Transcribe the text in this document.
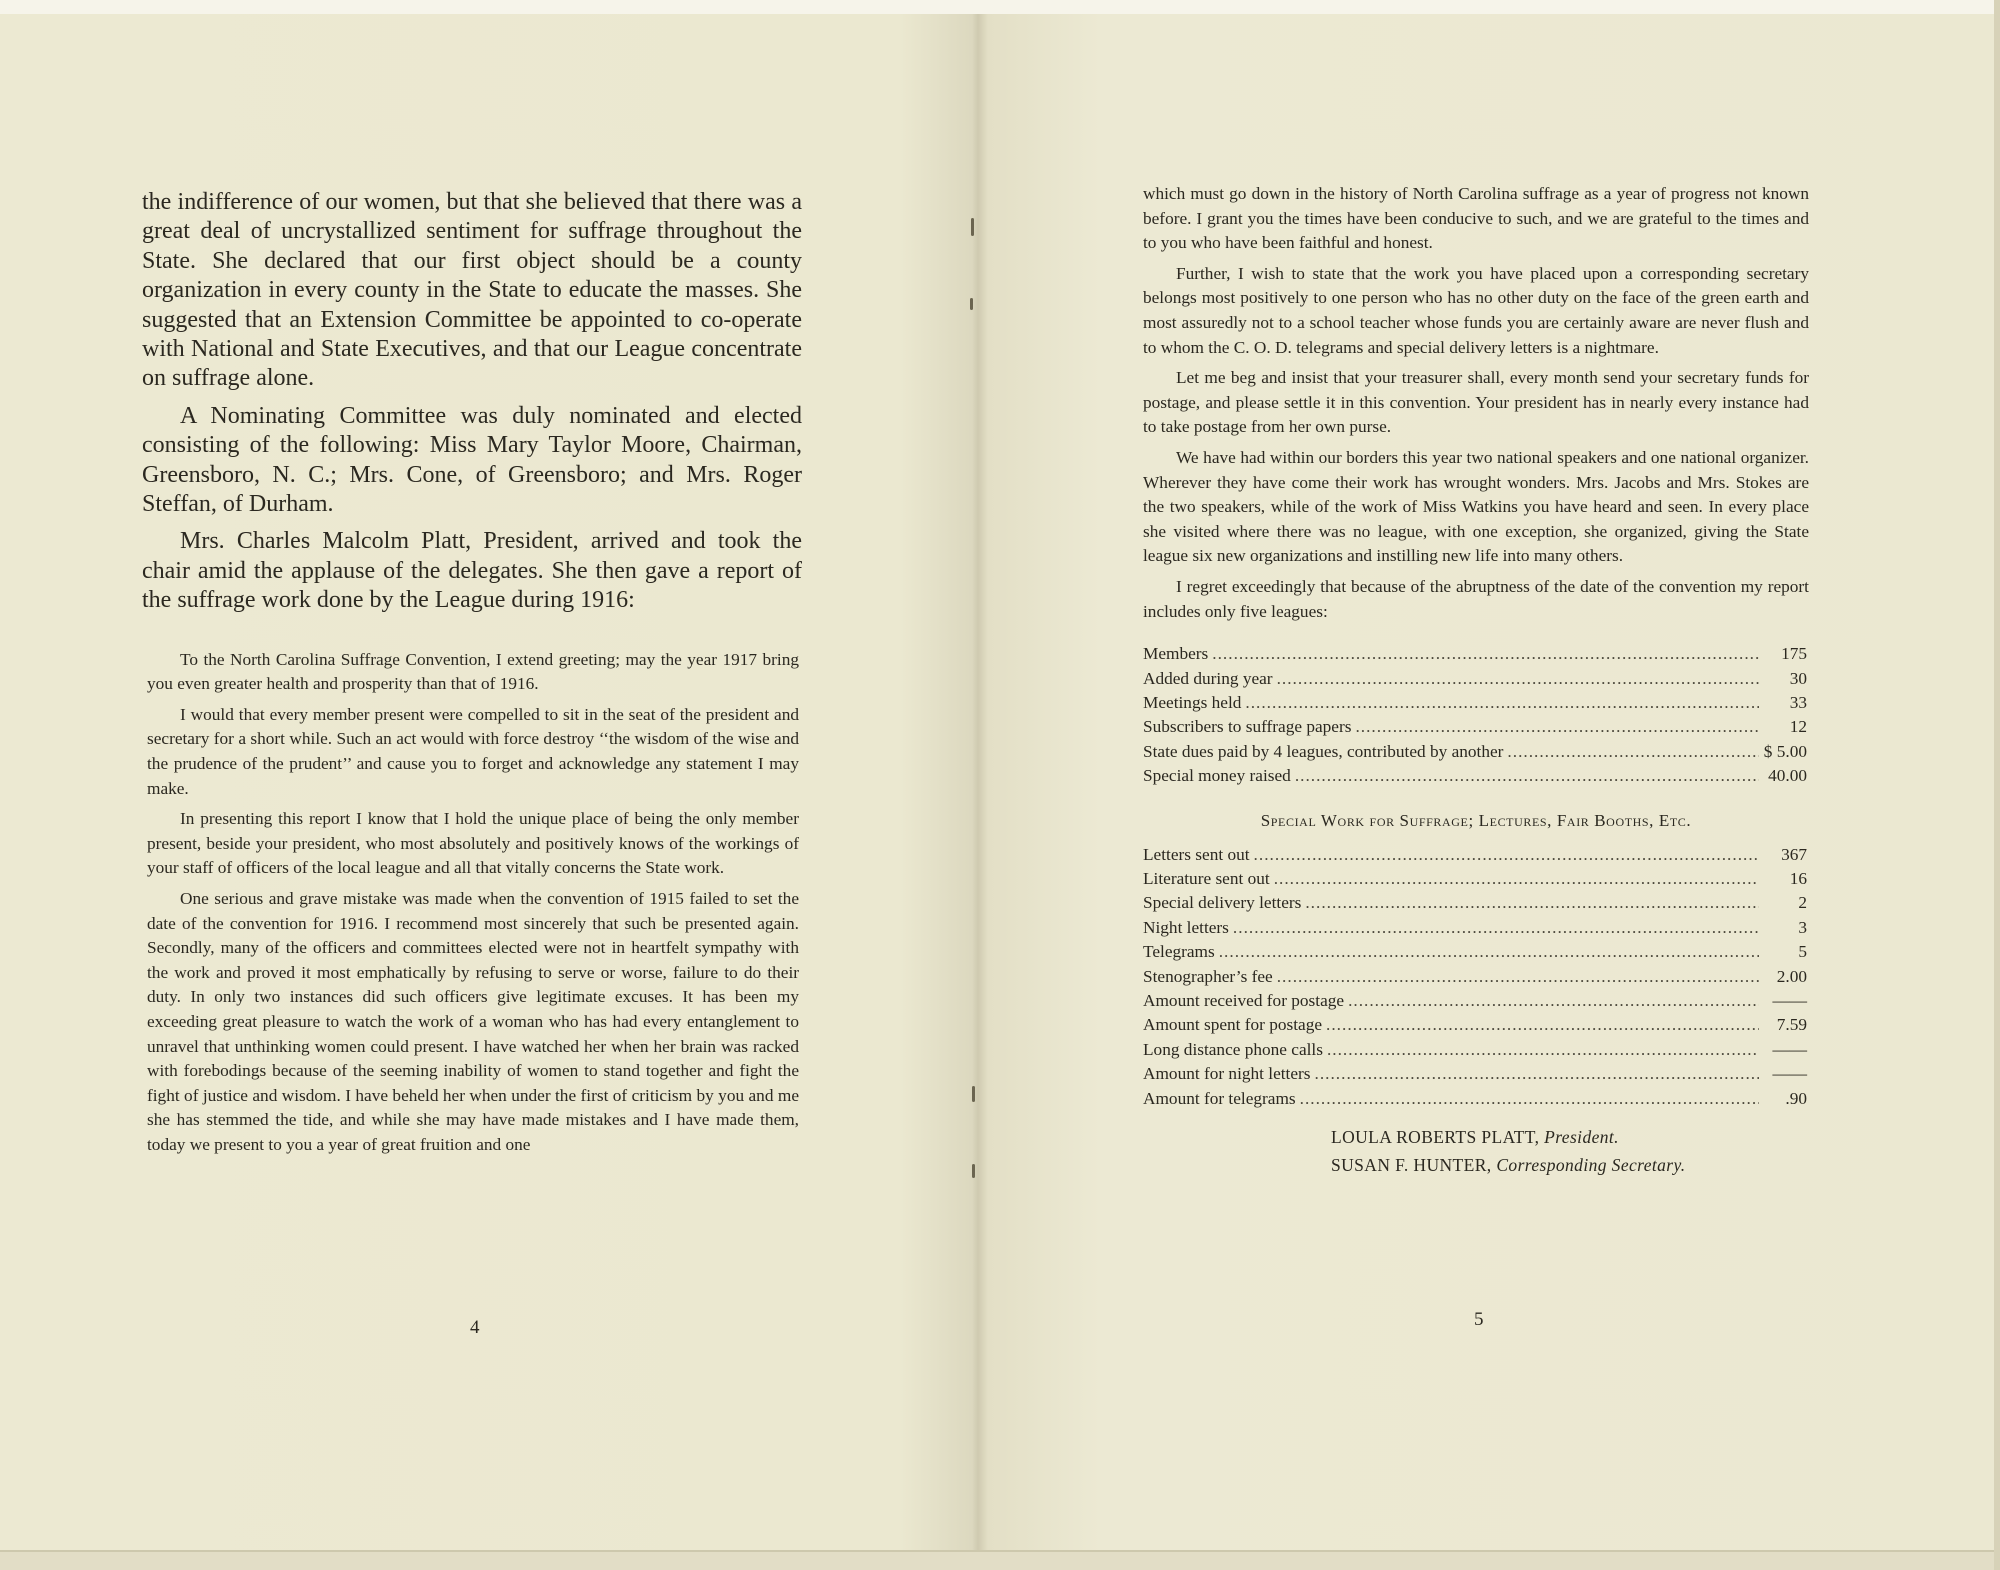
the indifference of our women, but that she believed that there was a great deal of uncrystallized sentiment for suffrage throughout the State. She declared that our first object should be a county organization in every county in the State to educate the masses. She suggested that an Extension Committee be appointed to co-operate with National and State Executives, and that our League concentrate on suffrage alone.

A Nominating Committee was duly nominated and elected consisting of the following: Miss Mary Taylor Moore, Chairman, Greensboro, N. C.; Mrs. Cone, of Greensboro; and Mrs. Roger Steffan, of Durham.

Mrs. Charles Malcolm Platt, President, arrived and took the chair amid the applause of the delegates. She then gave a report of the suffrage work done by the League during 1916:

To the North Carolina Suffrage Convention, I extend greeting; may the year 1917 bring you even greater health and prosperity than that of 1916.

I would that every member present were compelled to sit in the seat of the president and secretary for a short while. Such an act would with force destroy ‘‘the wisdom of the wise and the prudence of the prudent’’ and cause you to forget and acknowledge any statement I may make.

In presenting this report I know that I hold the unique place of being the only member present, beside your president, who most absolutely and positively knows of the workings of your staff of officers of the local league and all that vitally concerns the State work.

One serious and grave mistake was made when the convention of 1915 failed to set the date of the convention for 1916. I recommend most sincerely that such be presented again. Secondly, many of the officers and committees elected were not in heartfelt sympathy with the work and proved it most emphatically by refusing to serve or worse, failure to do their duty. In only two instances did such officers give legitimate excuses. It has been my exceeding great pleasure to watch the work of a woman who has had every entanglement to unravel that unthinking women could present. I have watched her when her brain was racked with forebodings because of the seeming inability of women to stand together and fight the fight of justice and wisdom. I have beheld her when under the first of criticism by you and me she has stemmed the tide, and while she may have made mistakes and I have made them, today we present to you a year of great fruition and one

4

which must go down in the history of North Carolina suffrage as a year of progress not known before. I grant you the times have been conducive to such, and we are grateful to the times and to you who have been faithful and honest.

Further, I wish to state that the work you have placed upon a corresponding secretary belongs most positively to one person who has no other duty on the face of the green earth and most assuredly not to a school teacher whose funds you are certainly aware are never flush and to whom the C. O. D. telegrams and special delivery letters is a nightmare.

Let me beg and insist that your treasurer shall, every month send your secretary funds for postage, and please settle it in this convention. Your president has in nearly every instance had to take postage from her own purse.

We have had within our borders this year two national speakers and one national organizer. Wherever they have come their work has wrought wonders. Mrs. Jacobs and Mrs. Stokes are the two speakers, while of the work of Miss Watkins you have heard and seen. In every place she visited where there was no league, with one exception, she organized, giving the State league six new organizations and instilling new life into many others.

I regret exceedingly that because of the abruptness of the date of the convention my report includes only five leagues:

Members .....	175
Added during year .....	30
Meetings held .....	33
Subscribers to suffrage papers .....	12
State dues paid by 4 leagues, contributed by another .....	$ 5.00
Special money raised .....	40.00
Special Work for Suffrage; Lectures, Fair Booths, Etc.
Letters sent out .....	367
Literature sent out .....	16
Special delivery letters .....	2
Night letters .....	3
Telegrams .....	5
Stenographer’s fee .....	2.00
Amount received for postage .....	——
Amount spent for postage .....	7.59
Long distance phone calls .....	——
Amount for night letters .....	——
Amount for telegrams .....	.90
LOULA ROBERTS PLATT, President.
SUSAN F. HUNTER, Corresponding Secretary.
5
